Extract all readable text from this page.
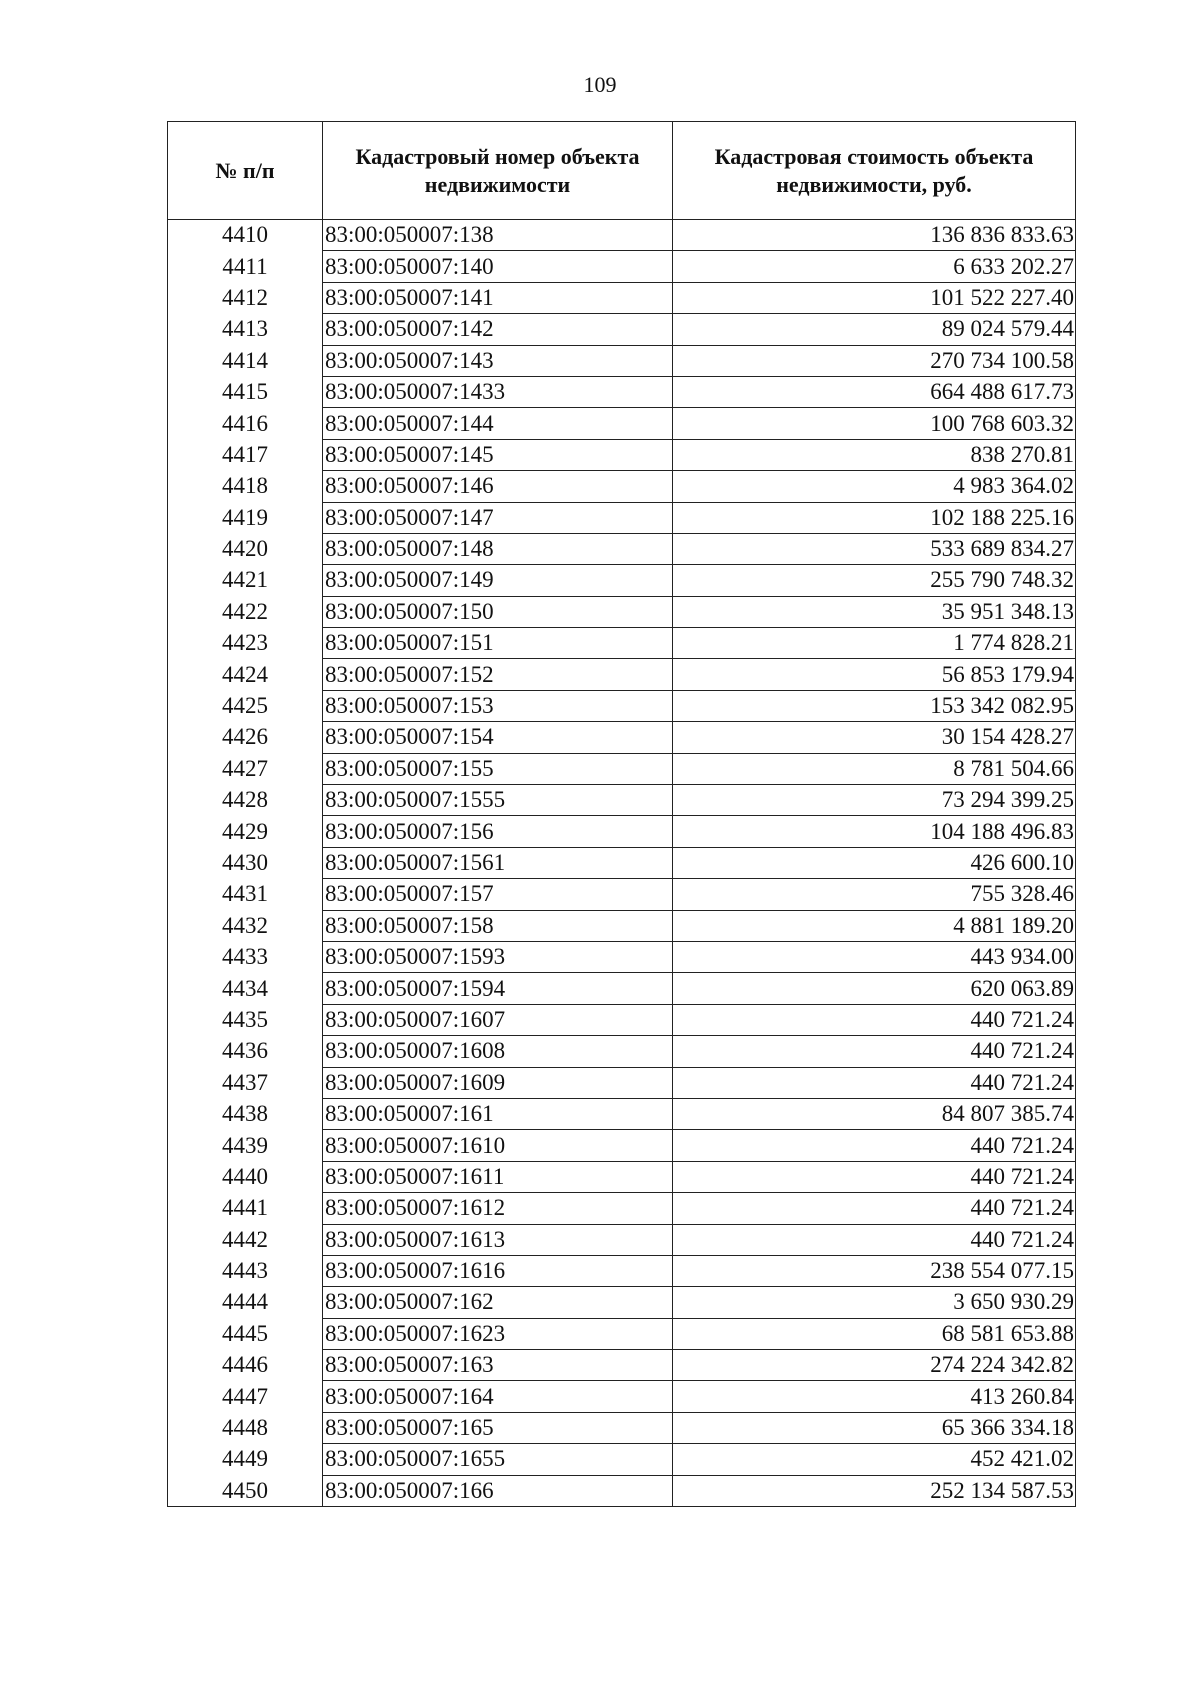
109
№ п/п	Кадастровый номер объекта недвижимости	Кадастровая стоимость объекта недвижимости, руб.
4410	83:00:050007:138	136 836 833.63
4411	83:00:050007:140	6 633 202.27
4412	83:00:050007:141	101 522 227.40
4413	83:00:050007:142	89 024 579.44
4414	83:00:050007:143	270 734 100.58
4415	83:00:050007:1433	664 488 617.73
4416	83:00:050007:144	100 768 603.32
4417	83:00:050007:145	838 270.81
4418	83:00:050007:146	4 983 364.02
4419	83:00:050007:147	102 188 225.16
4420	83:00:050007:148	533 689 834.27
4421	83:00:050007:149	255 790 748.32
4422	83:00:050007:150	35 951 348.13
4423	83:00:050007:151	1 774 828.21
4424	83:00:050007:152	56 853 179.94
4425	83:00:050007:153	153 342 082.95
4426	83:00:050007:154	30 154 428.27
4427	83:00:050007:155	8 781 504.66
4428	83:00:050007:1555	73 294 399.25
4429	83:00:050007:156	104 188 496.83
4430	83:00:050007:1561	426 600.10
4431	83:00:050007:157	755 328.46
4432	83:00:050007:158	4 881 189.20
4433	83:00:050007:1593	443 934.00
4434	83:00:050007:1594	620 063.89
4435	83:00:050007:1607	440 721.24
4436	83:00:050007:1608	440 721.24
4437	83:00:050007:1609	440 721.24
4438	83:00:050007:161	84 807 385.74
4439	83:00:050007:1610	440 721.24
4440	83:00:050007:1611	440 721.24
4441	83:00:050007:1612	440 721.24
4442	83:00:050007:1613	440 721.24
4443	83:00:050007:1616	238 554 077.15
4444	83:00:050007:162	3 650 930.29
4445	83:00:050007:1623	68 581 653.88
4446	83:00:050007:163	274 224 342.82
4447	83:00:050007:164	413 260.84
4448	83:00:050007:165	65 366 334.18
4449	83:00:050007:1655	452 421.02
4450	83:00:050007:166	252 134 587.53
